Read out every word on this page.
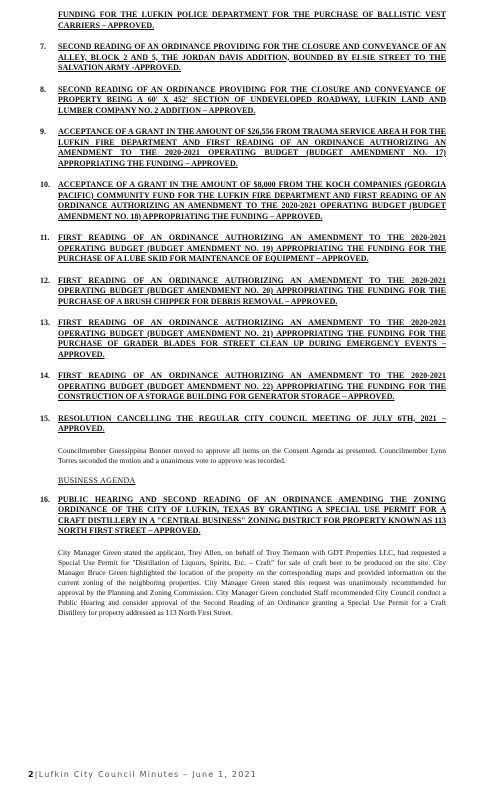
FUNDING FOR THE LUFKIN POLICE DEPARTMENT FOR THE PURCHASE OF BALLISTIC VEST CARRIERS – APPROVED.
7. SECOND READING OF AN ORDINANCE PROVIDING FOR THE CLOSURE AND CONVEYANCE OF AN ALLEY, BLOCK 2 AND 5, THE JORDAN DAVIS ADDITION, BOUNDED BY ELSIE STREET TO THE SALVATION ARMY -APPROVED.
8. SECOND READING OF AN ORDINANCE PROVIDING FOR THE CLOSURE AND CONVEYANCE OF PROPERTY BEING A 60' X 452' SECTION OF UNDEVELOPED ROADWAY, LUFKIN LAND AND LUMBER COMPANY NO. 2 ADDITION – APPROVED.
9. ACCEPTANCE OF A GRANT IN THE AMOUNT OF $26,556 FROM TRAUMA SERVICE AREA H FOR THE LUFKIN FIRE DEPARTMENT AND FIRST READING OF AN ORDINANCE AUTHORIZING AN AMENDMENT TO THE 2020-2021 OPERATING BUDGET (BUDGET AMENDMENT NO. 17) APPROPRIATING THE FUNDING – APPROVED.
10. ACCEPTANCE OF A GRANT IN THE AMOUNT OF $8,000 FROM THE KOCH COMPANIES (GEORGIA PACIFIC) COMMUNITY FUND FOR THE LUFKIN FIRE DEPARTMENT AND FIRST READING OF AN ORDINANCE AUTHORIZING AN AMENDMENT TO THE 2020-2021 OPERATING BUDGET (BUDGET AMENDMENT NO. 18) APPROPRIATING THE FUNDING – APPROVED.
11. FIRST READING OF AN ORDINANCE AUTHORIZING AN AMENDMENT TO THE 2020-2021 OPERATING BUDGET (BUDGET AMENDMENT NO. 19) APPROPRIATING THE FUNDING FOR THE PURCHASE OF A LUBE SKID FOR MAINTENANCE OF EQUIPMENT – APPROVED.
12. FIRST READING OF AN ORDINANCE AUTHORIZING AN AMENDMENT TO THE 2020-2021 OPERATING BUDGET (BUDGET AMENDMENT NO. 20) APPROPRIATING THE FUNDING FOR THE PURCHASE OF A BRUSH CHIPPER FOR DEBRIS REMOVAL – APPROVED.
13. FIRST READING OF AN ORDINANCE AUTHORIZING AN AMENDMENT TO THE 2020-2021 OPERATING BUDGET (BUDGET AMENDMENT NO. 21) APPROPRIATING THE FUNDING FOR THE PURCHASE OF GRADER BLADES FOR STREET CLEAN UP DURING EMERGENCY EVENTS – APPROVED.
14. FIRST READING OF AN ORDINANCE AUTHORIZING AN AMENDMENT TO THE 2020-2021 OPERATING BUDGET (BUDGET AMENDMENT NO. 22) APPROPRIATING THE FUNDING FOR THE CONSTRUCTION OF A STORAGE BUILDING FOR GENERATOR STORAGE – APPROVED.
15. RESOLUTION CANCELLING THE REGULAR CITY COUNCIL MEETING OF JULY 6TH, 2021 – APPROVED.
Councilmember Guessippina Bonner moved to approve all items on the Consent Agenda as presented. Councilmember Lynn Torres seconded the motion and a unanimous vote to approve was recorded.
BUSINESS AGENDA
16. PUBLIC HEARING AND SECOND READING OF AN ORDINANCE AMENDING THE ZONING ORDINANCE OF THE CITY OF LUFKIN, TEXAS BY GRANTING A SPECIAL USE PERMIT FOR A CRAFT DISTILLERY IN A "CENTRAL BUSINESS" ZONING DISTRICT FOR PROPERTY KNOWN AS 113 NORTH FIRST STREET – APPROVED.
City Manager Green stated the applicant, Trey Allen, on behalf of Troy Tiemann with GDT Properties LLC, had requested a Special Use Permit for "Distillation of Liquors, Spirits, Etc. – Craft" for sale of craft beer to be produced on the site. City Manager Bruce Green highlighted the location of the property on the corresponding maps and provided information on the current zoning of the neighboring properties. City Manager Green stated this request was unanimously recommended for approval by the Planning and Zoning Commission. City Manager Green concluded Staff recommended City Council conduct a Public Hearing and consider approval of the Second Reading of an Ordinance granting a Special Use Permit for a Craft Distillery for property addressed as 113 North First Street.
2|Lufkin City Council Minutes – June 1, 2021
